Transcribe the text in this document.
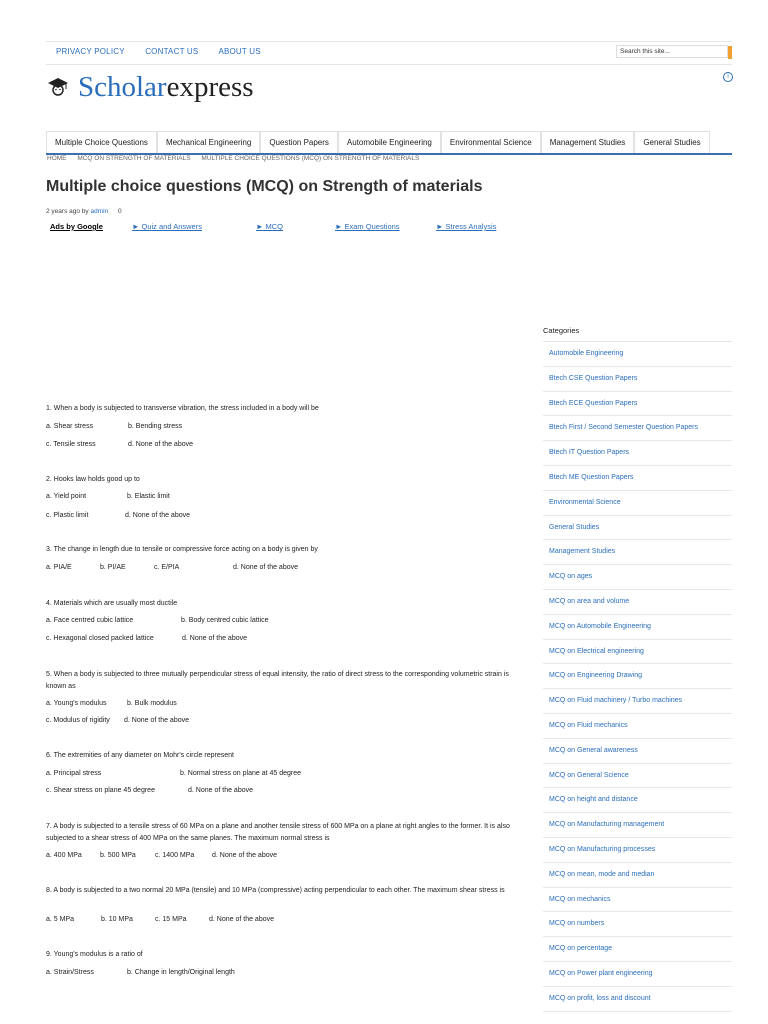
PRIVACY POLICY	CONTACT US ABOUT US	Search this site...
Scholar express	i
Multiple Choice Questions	Mechanical Engineering	Question Papers	Automobile Engineering	Environmental Science	Management Studies	General Studies
HOME MCQ ON STRENGTH OF MATERIALS MULTIPLE CHOICE QUESTIONS (MCQ) ON STRENGTH OF MATERIALS
Multiple choice questions (MCQ) on Strength of materials
2 years ago by admin 0
Ads by Google	► Quiz and Answers	► MCQ	► Exam Questions	► Stress Analysis
1. When a body is subjected to transverse vibration, the stress included in a body will be
a. Shear stress	b. Bending stress
c. Tensile stress	d. None of the above
2. Hooks law holds good up to
a. Yield point	b. Elastic limit
c. Plastic limit	d. None of the above
3. The change in length due to tensile or compressive force acting on a body is given by
a. PIA/E	b. PI/AE	c. E/PIA	d. None of the above
4. Materials which are usually most ductile
a. Face centred cubic lattice	b. Body centred cubic lattice
c. Hexagonal closed packed lattice	d. None of the above
5. When a body is subjected to three mutually perpendicular stress of equal intensity, the ratio of direct stress to the corresponding volumetric strain is known as
a. Young's modulus	b. Bulk modulus
c. Modulus of rigidity d. None of the above
6. The extremities of any diameter on Mohr's circle represent
a. Principal stress	b. Normal stress on plane at 45 degree
c. Shear stress on plane 45 degree	d. None of the above
7. A body is subjected to a tensile stress of 60 MPa on a plane and another tensile stress of 600 MPa on a plane at right angles to the former. It is also subjected to a shear stress of 400 MPa on the same planes. The maximum normal stress is
a. 400 MPa	b. 500 MPa	c. 1400 MPa	d. None of the above
8. A body is subjected to a two normal 20 MPa (tensile) and 10 MPa (compressive) acting perpendicular to each other. The maximum shear stress is
a. 5 MPa	b. 10 MPa	c. 15 MPa	d. None of the above
9. Young's modulus is a ratio of
a. Strain/Stress	b. Change in length/Original length
Categories
Automobile Engineering
Btech CSE Question Papers
Btech ECE Question Papers
Btech First / Second Semester Question Papers
Btech IT Question Papers
Btech ME Question Papers
Environmental Science
General Studies
Management Studies
MCQ on ages
MCQ on area and volume
MCQ on Automobile Engineering
MCQ on Electrical engineering
MCQ on Engineering Drawing
MCQ on Fluid machinery / Turbo machines
MCQ on Fluid mechanics
MCQ on General awareness
MCQ on General Science
MCQ on height and distance
MCQ on Manufacturing management
MCQ on Manufacturing processes
MCQ on mean, mode and median
MCQ on mechanics
MCQ on numbers
MCQ on percentage
MCQ on Power plant engineering
MCQ on profit, loss and discount
